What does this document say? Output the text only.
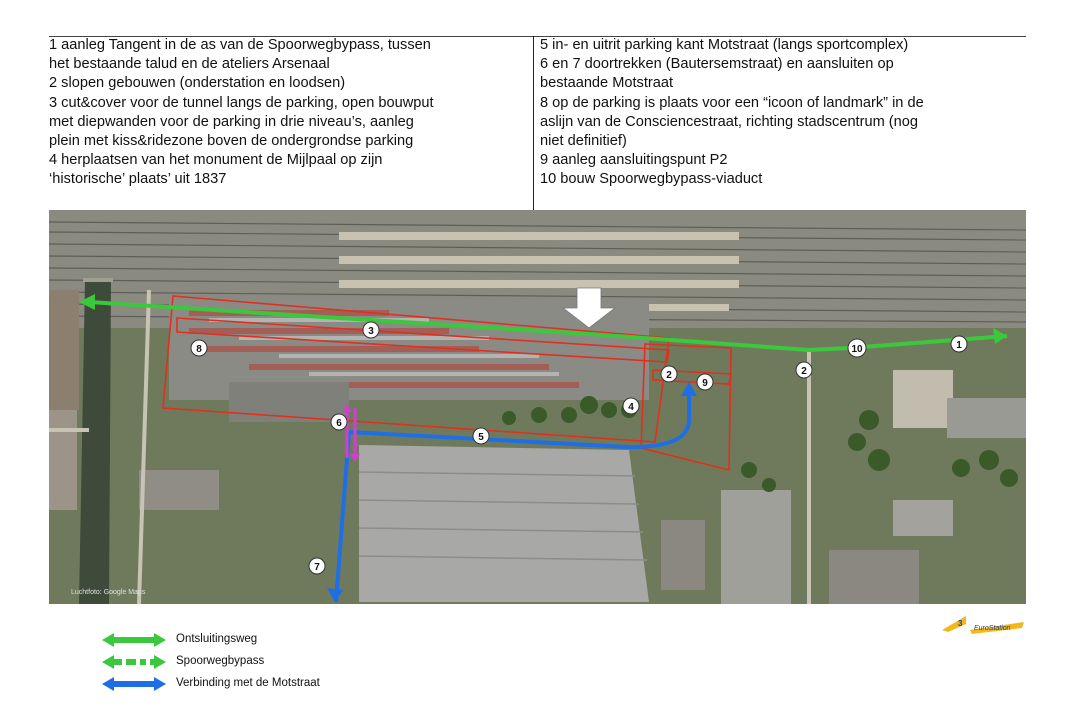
1 aanleg Tangent in de as van de Spoorwegbypass, tussen
het bestaande talud en de ateliers Arsenaal
2 slopen gebouwen (onderstation en loodsen)
3 cut&cover voor de tunnel langs de parking, open bouwput
met diepwanden voor de parking in drie niveau’s, aanleg
plein met kiss&ridezone boven de ondergrondse parking
4 herplaatsen van het monument de Mijlpaal op zijn
‘historische’ plaats’ uit 1837
5 in- en uitrit parking kant Motstraat (langs sportcomplex)
6 en 7 doortrekken (Bautersemstraat) en aansluiten op
bestaande Motstraat
8 op de parking is plaats voor een “icoon of landmark” in de
aslijn van de Consciencestraat, richting stadscentrum (nog
niet definitief)
9 aanleg aansluitingspunt P2
10 bouw Spoorwegbypass-viaduct
1
2	2
3
4
5
6
7
8
9
10
Luchtfoto: Google Maps
Ontsluitingsweg
Spoorwegbypass
Verbinding met de Motstraat
3
EuroStation
